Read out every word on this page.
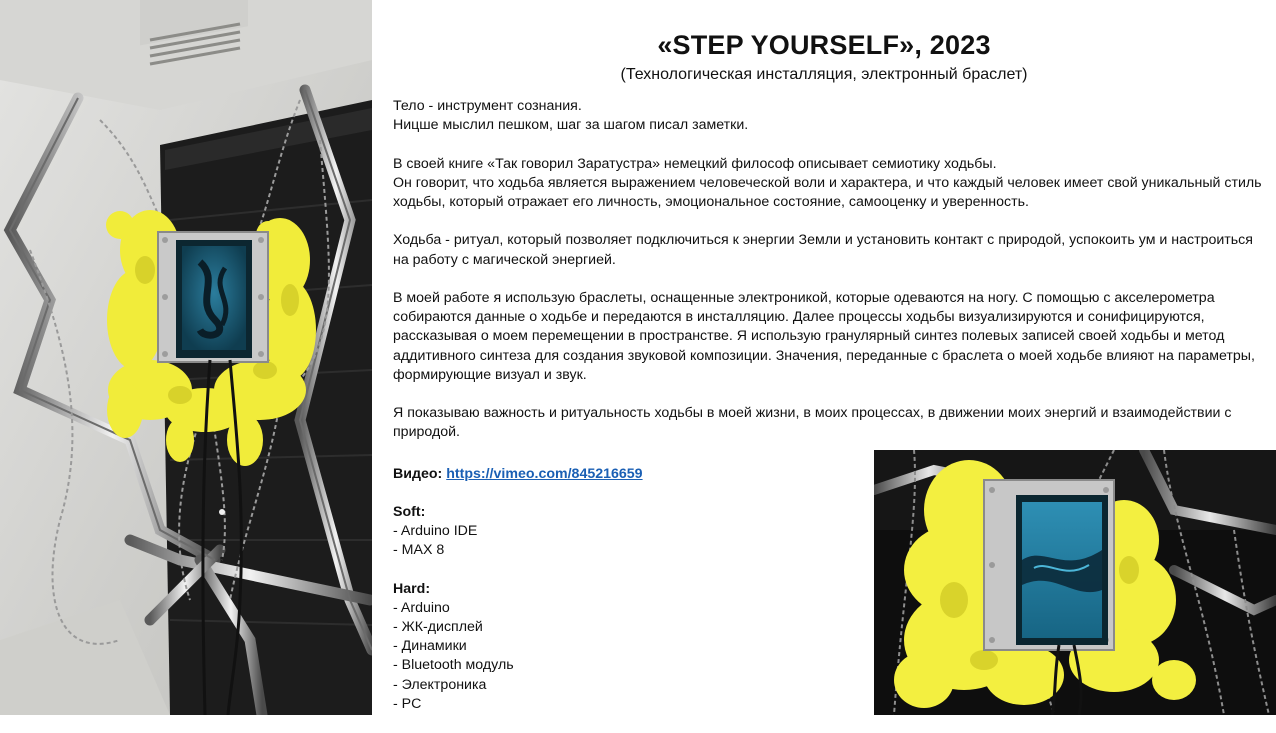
«STEP YOURSELF», 2023
(Технологическая инсталляция, электронный браслет)

Тело - инструмент сознания.
Ницше мыслил пешком, шаг за шагом писал заметки.

В своей книге «Так говорил Заратустра» немецкий философ описывает семиотику ходьбы.
Он говорит, что ходьба является выражением человеческой воли и характера, и что каждый человек имеет свой уникальный стиль ходьбы, который отражает его личность, эмоциональное состояние, самооценку и уверенность.

Ходьба - ритуал, который позволяет подключиться к энергии Земли и установить контакт с природой, успокоить ум и настроиться на работу с магической энергией.

В моей работе я использую браслеты, оснащенные электроникой, которые одеваются на ногу. С помощью с акселерометра собираются данные о ходьбе и передаются в инсталляцию. Далее процессы ходьбы визуализируются и сонифицируются, рассказывая о моем перемещении в пространстве. Я использую гранулярный синтез полевых записей своей ходьбы и метод аддитивного синтеза для создания звуковой композиции. Значения, переданные с браслета о моей ходьбе влияют на параметры, формирующие визуал и звук.

Я показываю важность и ритуальность ходьбы в моей жизни, в моих процессах, в движении моих энергий и взаимодействии с природой.

Видео: https://vimeo.com/845216659
Soft:
- Arduino IDE
- MAX 8
Hard:
- Arduino
- ЖК-дисплей
- Динамики
- Bluetooth модуль
- Электроника
- PC
